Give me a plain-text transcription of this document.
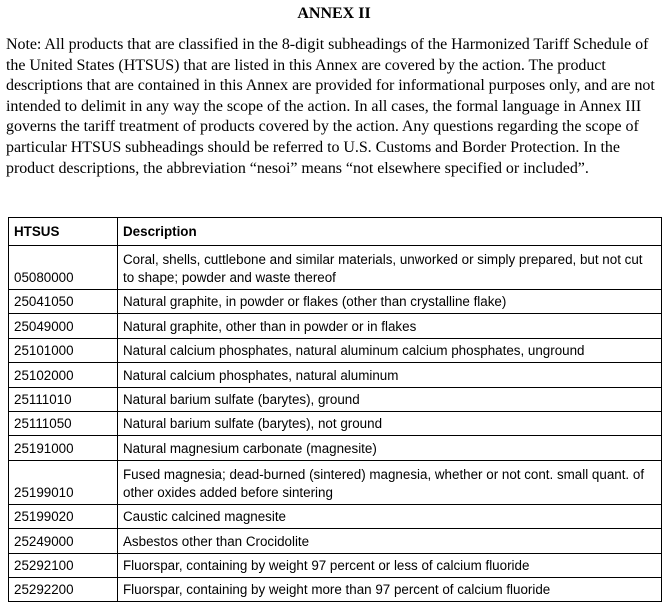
ANNEX II

Note: All products that are classified in the 8-digit subheadings of the Harmonized Tariff Schedule of the United States (HTSUS) that are listed in this Annex are covered by the action. The product descriptions that are contained in this Annex are provided for informational purposes only, and are not intended to delimit in any way the scope of the action. In all cases, the formal language in Annex III governs the tariff treatment of products covered by the action. Any questions regarding the scope of particular HTSUS subheadings should be referred to U.S. Customs and Border Protection. In the product descriptions, the abbreviation “nesoi” means “not elsewhere specified or included”.

HTSUS	Description
05080000	Coral, shells, cuttlebone and similar materials, unworked or simply prepared, but not cut to shape; powder and waste thereof
25041050	Natural graphite, in powder or flakes (other than crystalline flake)
25049000	Natural graphite, other than in powder or in flakes
25101000	Natural calcium phosphates, natural aluminum calcium phosphates, unground
25102000	Natural calcium phosphates, natural aluminum
25111010	Natural barium sulfate (barytes), ground
25111050	Natural barium sulfate (barytes), not ground
25191000	Natural magnesium carbonate (magnesite)
25199010	Fused magnesia; dead-burned (sintered) magnesia, whether or not cont. small quant. of other oxides added before sintering
25199020	Caustic calcined magnesite
25249000	Asbestos other than Crocidolite
25292100	Fluorspar, containing by weight 97 percent or less of calcium fluoride
25292200	Fluorspar, containing by weight more than 97 percent of calcium fluoride
